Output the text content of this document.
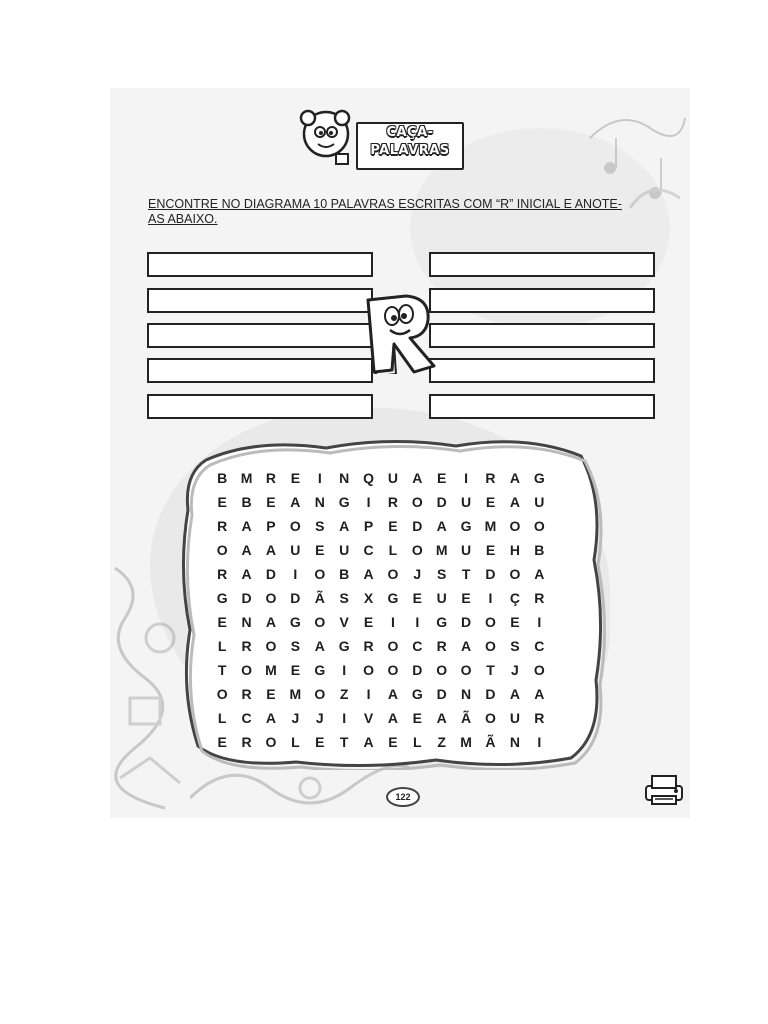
CAÇA-
PALAVRAS

ENCONTRE NO DIAGRAMA 10 PALAVRAS ESCRITAS COM “R” INICIAL E ANOTE-AS ABAIXO.

B M R	E	I	N Q U	A	E	I	R	A G
E	B	E	A	N G	I	R O D	U	E	A	U
R	A	P	O	S	A	P	E	D	A G M O O
O A	A	U	E	U	C	L	O M U	E	H	B
R	A	D	I	O B	A O	J	S	T	D O A
G D O D	Ã	S	X	G	E	U	E	I	Ç	R
E	N	A G O	V	E	I	I	G D O	E	I
L	R O	S	A G R O C	R	A O	S	C
T	O M E	G	I	O O D O O	T	J	O
O R	E M O	Z	I	A G D	N	D	A	A
L	C	A	J	J	I	V	A	E	A	Ã O U	R
E	R O	L	E	T	A	E	L	Z	M Ã	N	I
122
